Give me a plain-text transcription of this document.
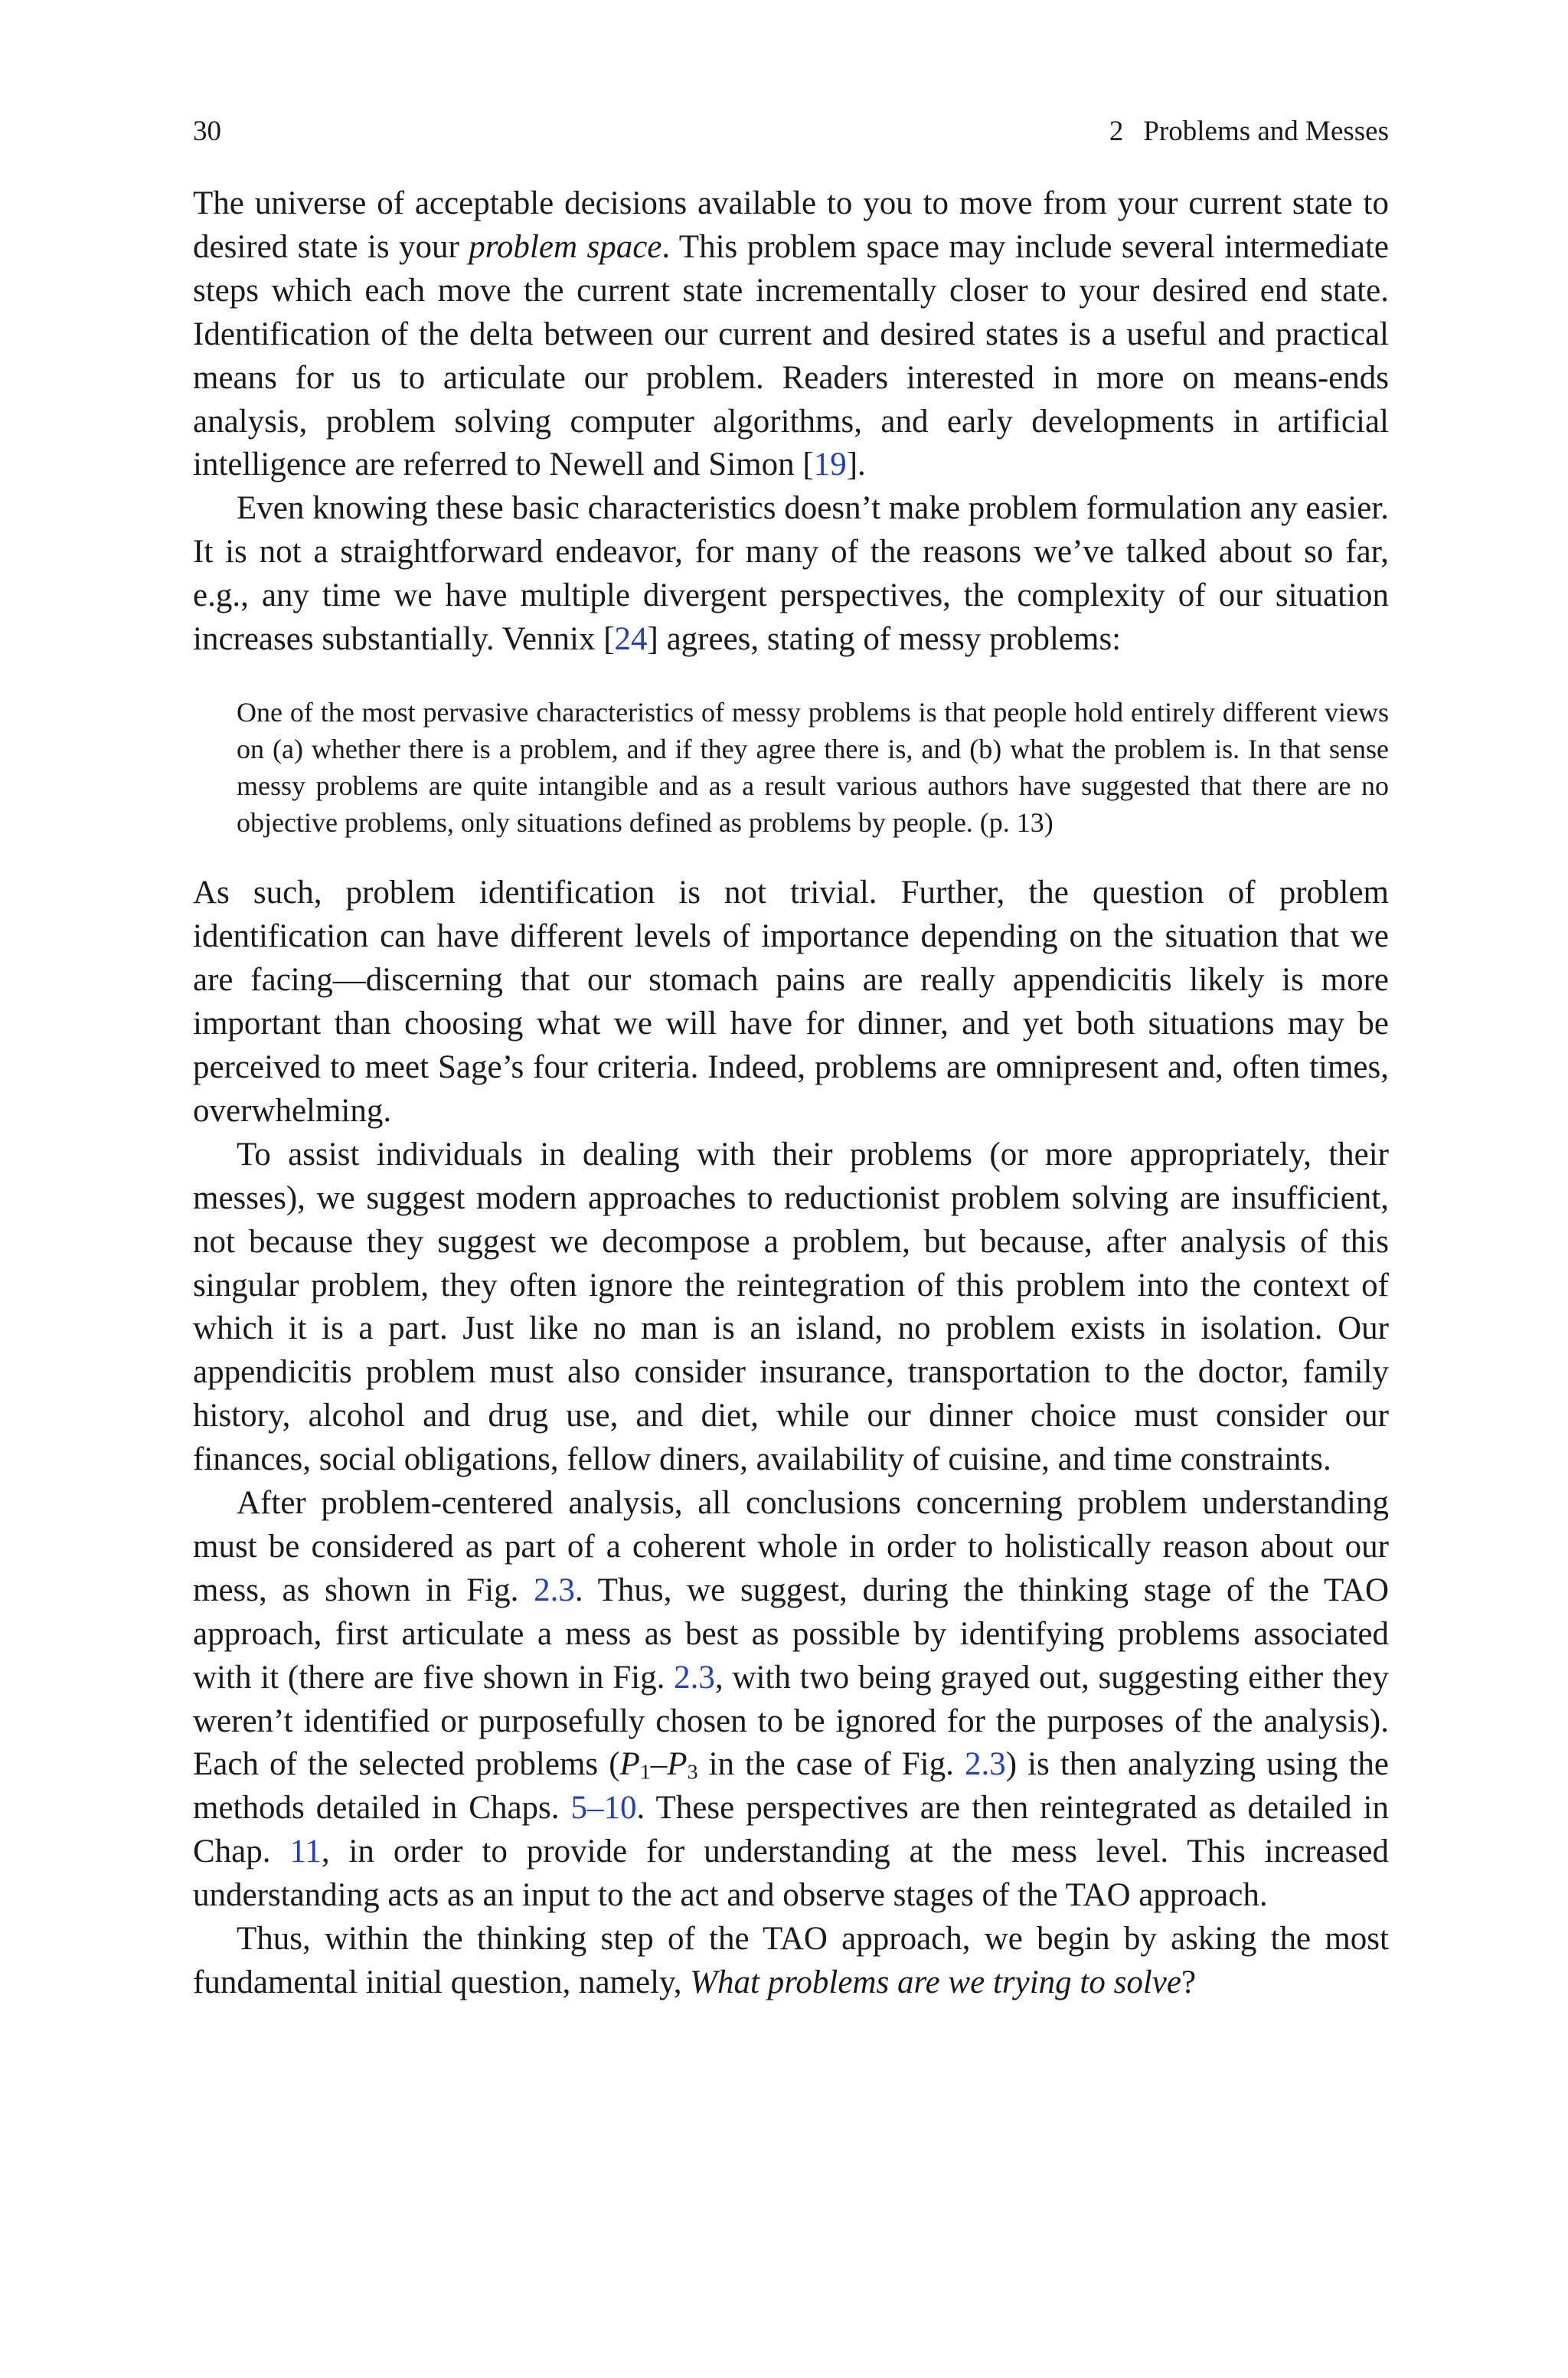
30	2 Problems and Messes

The universe of acceptable decisions available to you to move from your current state to desired state is your problem space. This problem space may include several intermediate steps which each move the current state incrementally closer to your desired end state. Identification of the delta between our current and desired states is a useful and practical means for us to articulate our problem. Readers interested in more on means-ends analysis, problem solving computer algorithms, and early developments in artificial intelligence are referred to Newell and Simon [19].

Even knowing these basic characteristics doesn’t make problem formulation any easier. It is not a straightforward endeavor, for many of the reasons we’ve talked about so far, e.g., any time we have multiple divergent perspectives, the complexity of our situation increases substantially. Vennix [24] agrees, stating of messy problems:

One of the most pervasive characteristics of messy problems is that people hold entirely different views on (a) whether there is a problem, and if they agree there is, and (b) what the problem is. In that sense messy problems are quite intangible and as a result various authors have suggested that there are no objective problems, only situations defined as problems by people. (p. 13)

As such, problem identification is not trivial. Further, the question of problem identification can have different levels of importance depending on the situation that we are facing—discerning that our stomach pains are really appendicitis likely is more important than choosing what we will have for dinner, and yet both situations may be perceived to meet Sage’s four criteria. Indeed, problems are omnipresent and, often times, overwhelming.

To assist individuals in dealing with their problems (or more appropriately, their messes), we suggest modern approaches to reductionist problem solving are insufficient, not because they suggest we decompose a problem, but because, after analysis of this singular problem, they often ignore the reintegration of this problem into the context of which it is a part. Just like no man is an island, no problem exists in isolation. Our appendicitis problem must also consider insurance, transportation to the doctor, family history, alcohol and drug use, and diet, while our dinner choice must consider our finances, social obligations, fellow diners, availability of cuisine, and time constraints.

After problem-centered analysis, all conclusions concerning problem understanding must be considered as part of a coherent whole in order to holistically reason about our mess, as shown in Fig. 2.3. Thus, we suggest, during the thinking stage of the TAO approach, first articulate a mess as best as possible by identifying problems associated with it (there are five shown in Fig. 2.3, with two being grayed out, suggesting either they weren’t identified or purposefully chosen to be ignored for the purposes of the analysis). Each of the selected problems ($P_1-P_3$ in the case of Fig. 2.3) is then analyzing using the methods detailed in Chaps. 5–10. These perspectives are then reintegrated as detailed in Chap. 11, in order to provide for understanding at the mess level. This increased understanding acts as an input to the act and observe stages of the TAO approach.

Thus, within the thinking step of the TAO approach, we begin by asking the most fundamental initial question, namely, What problems are we trying to solve?
